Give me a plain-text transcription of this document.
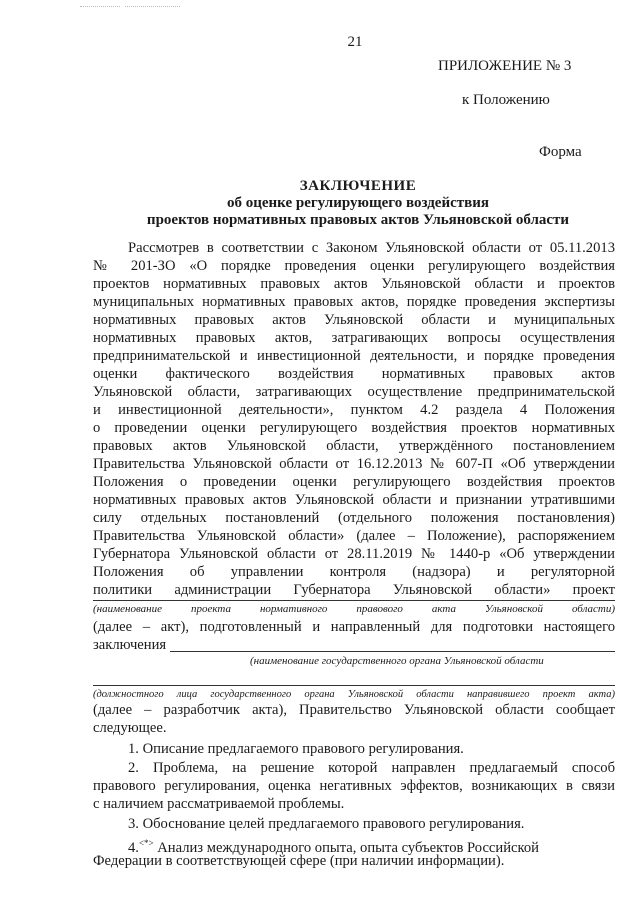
21
ПРИЛОЖЕНИЕ № 3
к Положению
Форма
ЗАКЛЮЧЕНИЕ
об оценке регулирующего воздействия
проектов нормативных правовых актов Ульяновской области
Рассмотрев в соответствии с Законом Ульяновской области от 05.11.2013
№ 201-ЗО «О порядке проведения оценки регулирующего воздействия
проектов нормативных правовых актов Ульяновской области и проектов
муниципальных нормативных правовых актов, порядке проведения экспертизы
нормативных правовых актов Ульяновской области и муниципальных
нормативных правовых актов, затрагивающих вопросы осуществления
предпринимательской и инвестиционной деятельности, и порядке проведения
оценки фактического воздействия нормативных правовых актов
Ульяновской области, затрагивающих осуществление предпринимательской
и инвестиционной деятельности», пунктом 4.2 раздела 4 Положения
о проведении оценки регулирующего воздействия проектов нормативных
правовых актов Ульяновской области, утверждённого постановлением
Правительства Ульяновской области от 16.12.2013 № 607-П «Об утверждении
Положения о проведении оценки регулирующего воздействия проектов
нормативных правовых актов Ульяновской области и признании утратившими
силу отдельных постановлений (отдельного положения постановления)
Правительства Ульяновской области» (далее – Положение), распоряжением
Губернатора Ульяновской области от 28.11.2019 № 1440-р «Об утверждении
Положения об управлении контроля (надзора) и регуляторной
политики администрации Губернатора Ульяновской области» проект
(наименование проекта нормативного правового акта Ульяновской области)
(далее – акт), подготовленный и направленный для подготовки настоящего
заключения
(наименование государственного органа Ульяновской области
(должностного лица государственного органа Ульяновской области направившего проект акта)
(далее – разработчик акта), Правительство Ульяновской области сообщает
следующее.
1. Описание предлагаемого правового регулирования.
2. Проблема, на решение которой направлен предлагаемый способ
правового регулирования, оценка негативных эффектов, возникающих в связи
с наличием рассматриваемой проблемы.
3. Обоснование целей предлагаемого правового регулирования.
4.<*> Анализ международного опыта, опыта субъектов Российской
Федерации в соответствующей сфере (при наличии информации).
